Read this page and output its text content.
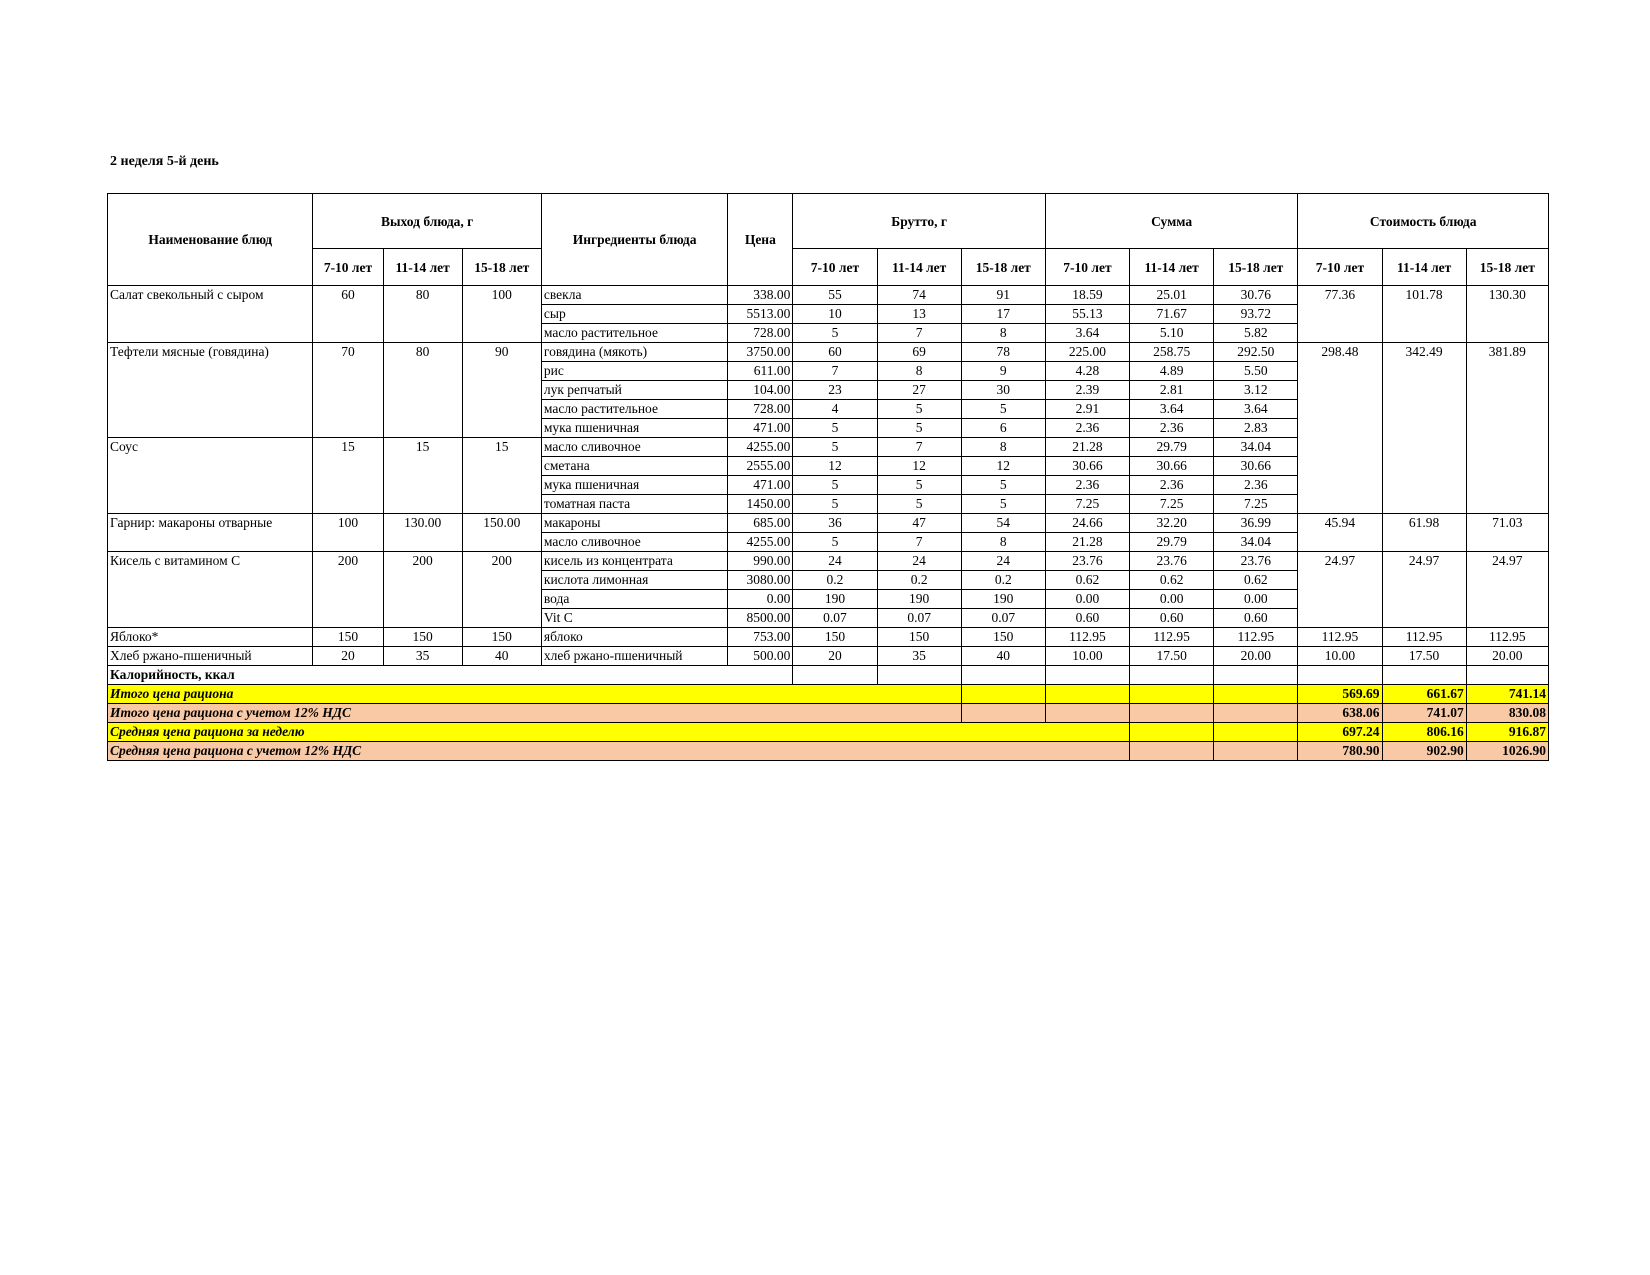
2 неделя 5-й день
Наименование блюд	Выход блюда, г			Ингредиенты блюда	Цена	Брутто, г			Сумма			Стоимость блюда		
	7-10 лет	11-14 лет	15-18 лет			7-10 лет	11-14 лет	15-18 лет	7-10 лет	11-14 лет	15-18 лет	7-10 лет	11-14 лет	15-18 лет
Салат свекольный с сыром	60	80	100	свекла	338.00	55	74	91	18.59	25.01	30.76	77.36	101.78	130.30
				сыр	5513.00	10	13	17	55.13	71.67	93.72			
				масло растительное	728.00	5	7	8	3.64	5.10	5.82			
Тефтели мясные (говядина)	70	80	90	говядина (мякоть)	3750.00	60	69	78	225.00	258.75	292.50	298.48	342.49	381.89
				рис	611.00	7	8	9	4.28	4.89	5.50			
				лук репчатый	104.00	23	27	30	2.39	2.81	3.12			
				масло растительное	728.00	4	5	5	2.91	3.64	3.64			
				мука пшеничная	471.00	5	5	6	2.36	2.36	2.83			
Соус	15	15	15	масло сливочное	4255.00	5	7	8	21.28	29.79	34.04			
				сметана	2555.00	12	12	12	30.66	30.66	30.66			
				мука пшеничная	471.00	5	5	5	2.36	2.36	2.36			
				томатная паста	1450.00	5	5	5	7.25	7.25	7.25			
Гарнир: макароны отварные	100	130.00	150.00	макароны	685.00	36	47	54	24.66	32.20	36.99	45.94	61.98	71.03
				масло сливочное	4255.00	5	7	8	21.28	29.79	34.04			
Кисель с витамином С	200	200	200	кисель из концентрата	990.00	24	24	24	23.76	23.76	23.76	24.97	24.97	24.97
				кислота лимонная	3080.00	0.2	0.2	0.2	0.62	0.62	0.62			
				вода	0.00	190	190	190	0.00	0.00	0.00			
				Vit C	8500.00	0.07	0.07	0.07	0.60	0.60	0.60			
Яблоко*	150	150	150	яблоко	753.00	150	150	150	112.95	112.95	112.95	112.95	112.95	112.95
Хлеб ржано-пшеничный	20	35	40	хлеб ржано-пшеничный	500.00	20	35	40	10.00	17.50	20.00	10.00	17.50	20.00
Калорийность, ккал														
Итого цена рациона												569.69	661.67	741.14
Итого цена рациона с учетом 12% НДС												638.06	741.07	830.08
Средняя цена рациона за неделю												697.24	806.16	916.87
Средняя цена рациона с учетом 12% НДС												780.90	902.90	1026.90
